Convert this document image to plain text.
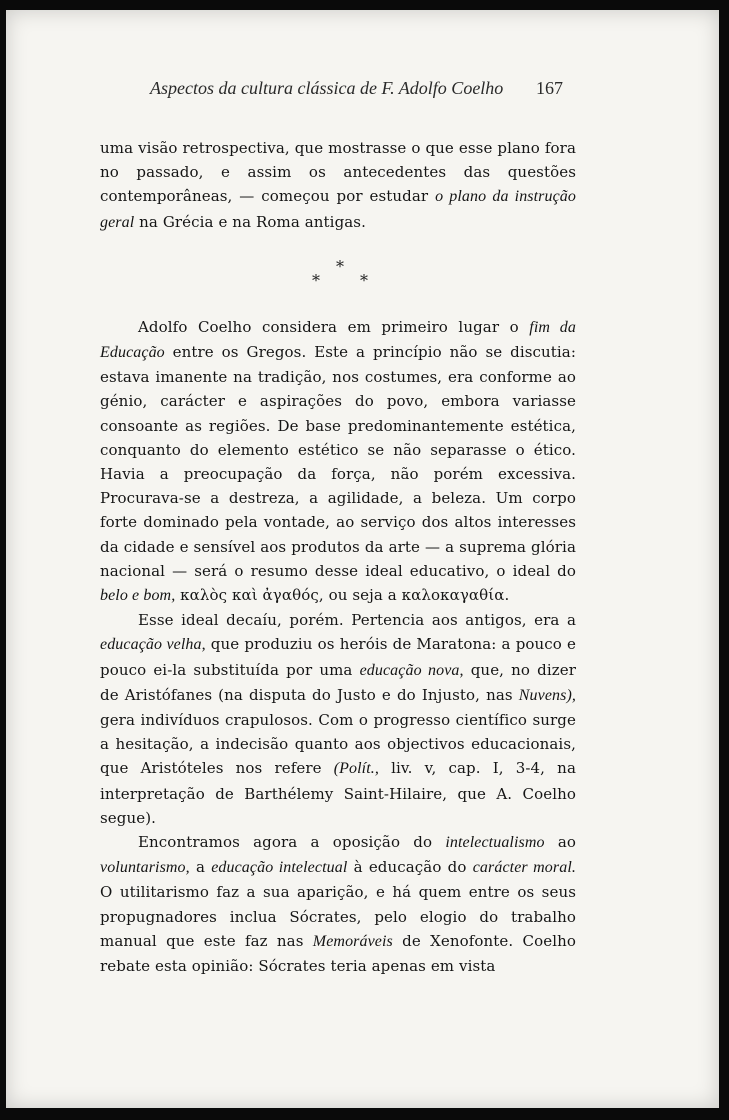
Aspectos da cultura clássica de F. Adolfo Coelho 167

uma visão retrospectiva, que mostrasse o que esse plano fora no passado, e assim os antecedentes das questões contemporâneas, — começou por estudar o plano da instrução geral na Grécia e na Roma antigas.

*
* *

Adolfo Coelho considera em primeiro lugar o fim da Educação entre os Gregos. Este a princípio não se discutia: estava imanente na tradição, nos costumes, era conforme ao génio, carácter e aspirações do povo, embora variasse consoante as regiões. De base predominantemente estética, conquanto do elemento estético se não separasse o ético. Havia a preocupação da força, não porém excessiva. Procurava-se a destreza, a agilidade, a beleza. Um corpo forte dominado pela vontade, ao serviço dos altos interesses da cidade e sensível aos produtos da arte — a suprema glória nacional — será o resumo desse ideal educativo, o ideal do belo e bom, καλὸς καὶ ἀγαθός, ou seja a καλοκαγαθία.

Esse ideal decaíu, porém. Pertencia aos antigos, era a educação velha, que produziu os heróis de Maratona: a pouco e pouco ei-la substituída por uma educação nova, que, no dizer de Aristófanes (na disputa do Justo e do Injusto, nas Nuvens), gera indivíduos crapulosos. Com o progresso científico surge a hesitação, a indecisão quanto aos objectivos educacionais, que Aristóteles nos refere (Polít., liv. v, cap. I, 3-4, na interpretação de Barthélemy Saint-Hilaire, que A. Coelho segue).

Encontramos agora a oposição do intelectualismo ao voluntarismo, a educação intelectual à educação do carácter moral. O utilitarismo faz a sua aparição, e há quem entre os seus propugnadores inclua Sócrates, pelo elogio do trabalho manual que este faz nas Memoráveis de Xenofonte. Coelho rebate esta opinião: Sócrates teria apenas em vista
